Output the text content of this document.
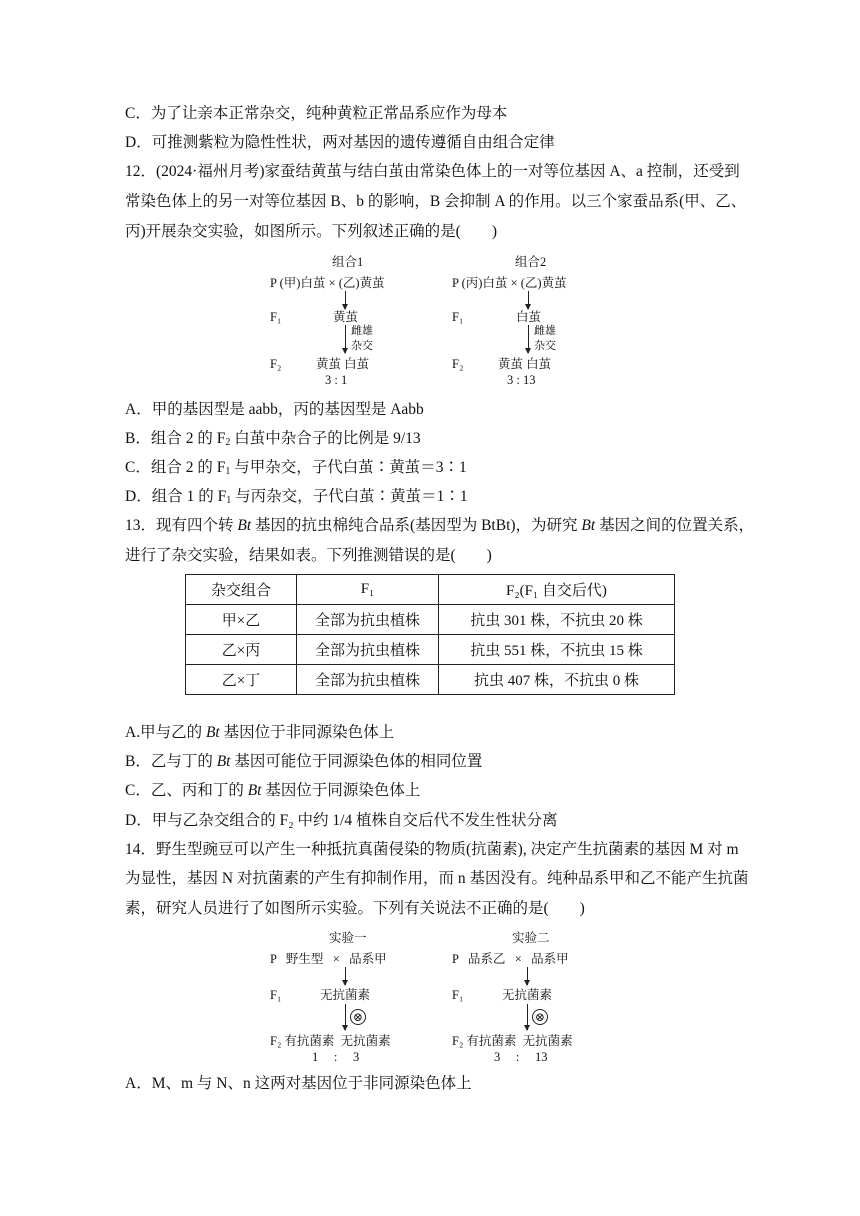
C．为了让亲本正常杂交，纯种黄粒正常品系应作为母本
D．可推测紫粒为隐性性状，两对基因的遗传遵循自由组合定律
12．(2024·福州月考)家蚕结黄茧与结白茧由常染色体上的一对等位基因 A、a 控制，还受到
常染色体上的另一对等位基因 B、b 的影响，B 会抑制 A 的作用。以三个家蚕品系(甲、乙、
丙)开展杂交实验，如图所示。下列叙述正确的是(　　)
组合1
P (甲)白茧 × (乙)黄茧
F₁	黄茧
雌雄
杂交
F₂	黄茧 白茧
3 : 1
组合2
P (丙)白茧 × (乙)黄茧
F₁	白茧
雌雄
杂交
F₂	黄茧 白茧
3 : 13
A．甲的基因型是 aabb，丙的基因型是 Aabb
B．组合 2 的 $F_2$ 白茧中杂合子的比例是 9/13
C．组合 2 的 $F_1$ 与甲杂交，子代白茧∶黄茧＝3∶1
D．组合 1 的 $F_1$ 与丙杂交，子代白茧∶黄茧＝1∶1
13．现有四个转 Bt 基因的抗虫棉纯合品系(基因型为 BtBt)，为研究 Bt 基因之间的位置关系，
进行了杂交实验，结果如表。下列推测错误的是(　　)
杂交组合	F₁	F₂(F₁ 自交后代)
甲×乙	全部为抗虫植株	抗虫 301 株，不抗虫 20 株
乙×丙	全部为抗虫植株	抗虫 551 株，不抗虫 15 株
乙×丁	全部为抗虫植株	抗虫 407 株，不抗虫 0 株
A.甲与乙的 Bt 基因位于非同源染色体上
B．乙与丁的 Bt 基因可能位于同源染色体的相同位置
C．乙、丙和丁的 Bt 基因位于同源染色体上
D．甲与乙杂交组合的 F₂ 中约 1/4 植株自交后代不发生性状分离
14．野生型豌豆可以产生一种抵抗真菌侵染的物质(抗菌素), 决定产生抗菌素的基因 M 对 m
为显性，基因 N 对抗菌素的产生有抑制作用，而 n 基因没有。纯种品系甲和乙不能产生抗菌
素，研究人员进行了如图所示实验。下列有关说法不正确的是(　　)
实验一
P   野生型   ×   品系甲
F₁	无抗菌素
⊗
F₂ 有抗菌素  无抗菌素
1     :     3
实验二
P   品系乙   ×   品系甲
F₁	无抗菌素
⊗
F₂ 有抗菌素  无抗菌素
3     :     13
A．M、m 与 N、n 这两对基因位于非同源染色体上
